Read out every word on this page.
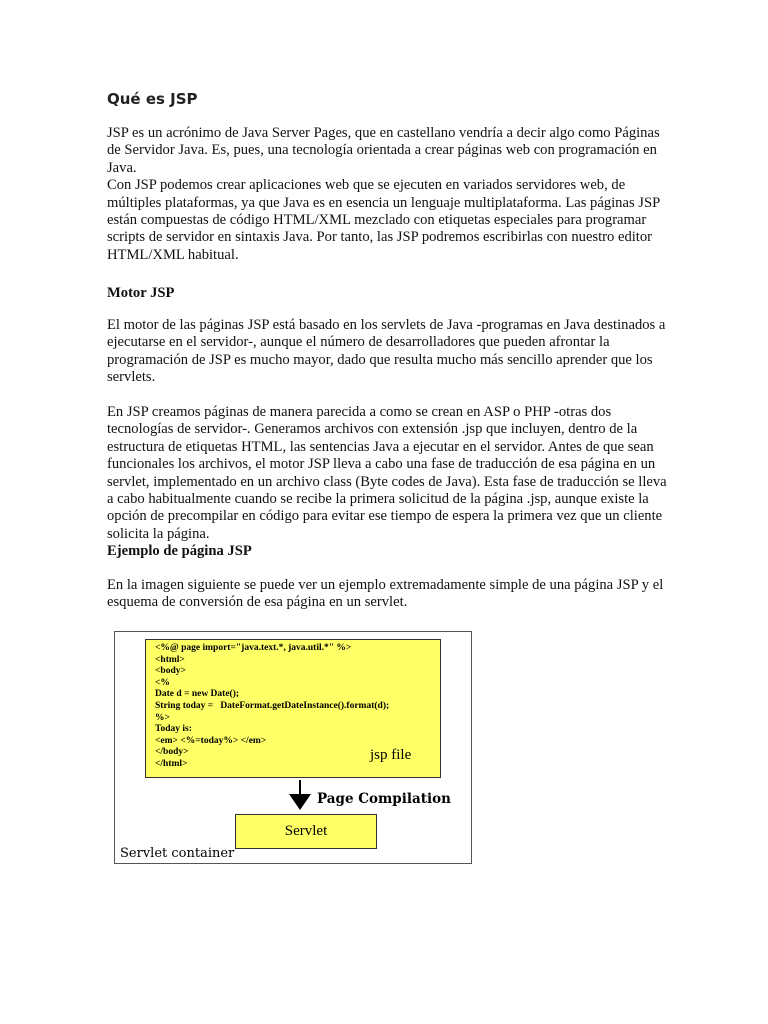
Qué es JSP

JSP es un acrónimo de Java Server Pages, que en castellano vendría a decir algo como Páginas de Servidor Java. Es, pues, una tecnología orientada a crear páginas web con programación en Java.
Con JSP podemos crear aplicaciones web que se ejecuten en variados servidores web, de múltiples plataformas, ya que Java es en esencia un lenguaje multiplataforma. Las páginas JSP están compuestas de código HTML/XML mezclado con etiquetas especiales para programar scripts de servidor en sintaxis Java. Por tanto, las JSP podremos escribirlas con nuestro editor HTML/XML habitual.

Motor JSP

El motor de las páginas JSP está basado en los servlets de Java -programas en Java destinados a ejecutarse en el servidor-, aunque el número de desarrolladores que pueden afrontar la programación de JSP es mucho mayor, dado que resulta mucho más sencillo aprender que los servlets.

En JSP creamos páginas de manera parecida a como se crean en ASP o PHP -otras dos tecnologías de servidor-. Generamos archivos con extensión .jsp que incluyen, dentro de la estructura de etiquetas HTML, las sentencias Java a ejecutar en el servidor. Antes de que sean funcionales los archivos, el motor JSP lleva a cabo una fase de traducción de esa página en un servlet, implementado en un archivo class (Byte codes de Java). Esta fase de traducción se lleva a cabo habitualmente cuando se recibe la primera solicitud de la página .jsp, aunque existe la opción de precompilar en código para evitar ese tiempo de espera la primera vez que un cliente solicita la página.

Ejemplo de página JSP

En la imagen siguiente se puede ver un ejemplo extremadamente simple de una página JSP y el esquema de conversión de esa página en un servlet.

<%@ page import="java.text.*, java.util.*" %>
<html>
<body>
<%
Date d = new Date();
String today =   DateFormat.getDateInstance().format(d);
%>
Today is:
<em> <%=today%> </em>
</body>
</html>
jsp file
Page Compilation
Servlet
Servlet container
